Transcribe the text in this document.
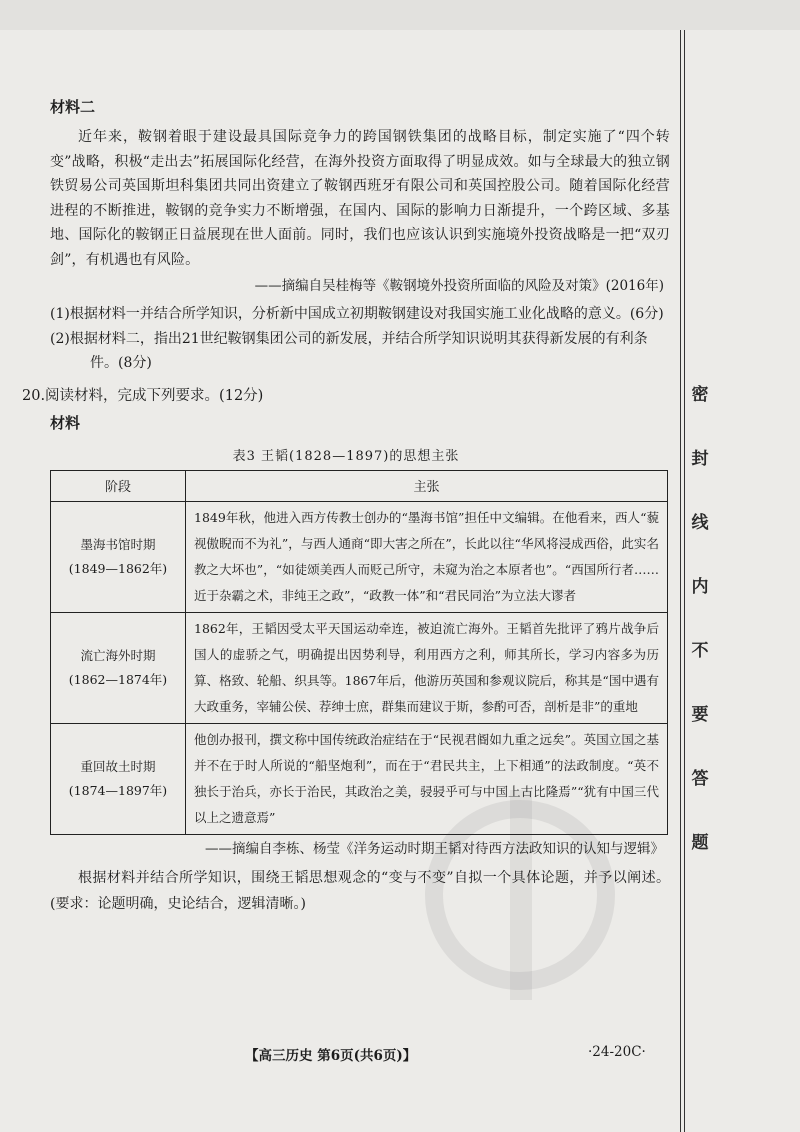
密
封
线
内
不
要
答
题
材料二

近年来，鞍钢着眼于建设最具国际竞争力的跨国钢铁集团的战略目标，制定实施了“四个转变”战略，积极“走出去”拓展国际化经营，在海外投资方面取得了明显成效。如与全球最大的独立钢铁贸易公司英国斯坦科集团共同出资建立了鞍钢西班牙有限公司和英国控股公司。随着国际化经营进程的不断推进，鞍钢的竞争实力不断增强，在国内、国际的影响力日渐提升，一个跨区域、多基地、国际化的鞍钢正日益展现在世人面前。同时，我们也应该认识到实施境外投资战略是一把“双刃剑”，有机遇也有风险。

——摘编自吴桂梅等《鞍钢境外投资所面临的风险及对策》(2016年)

(1)根据材料一并结合所学知识，分析新中国成立初期鞍钢建设对我国实施工业化战略的意义。(6分)

(2)根据材料二，指出21世纪鞍钢集团公司的新发展，并结合所学知识说明其获得新发展的有利条件。(8分)

20.阅读材料，完成下列要求。(12分)
材料
表3 王韬(1828—1897)的思想主张
阶段	主张

墨海书馆时期
(1849—1862年)	1849年秋，他进入西方传教士创办的“墨海书馆”担任中文编辑。在他看来，西人“藐视傲睨而不为礼”，与西人通商“即大害之所在”，长此以往“华风将浸成西俗，此实名教之大坏也”，“如徒颂美西人而贬己所守，未窥为治之本原者也”。“西国所行者……近于杂霸之术，非纯王之政”，“政教一体”和“君民同治”为立法大谬者

流亡海外时期
(1862—1874年)	1862年，王韬因受太平天国运动牵连，被迫流亡海外。王韬首先批评了鸦片战争后国人的虚骄之气，明确提出因势利导，利用西方之利，师其所长，学习内容多为历算、格致、轮船、织具等。1867年后，他游历英国和参观议院后，称其是“国中遇有大政重务，宰辅公侯、荐绅士庶，群集而建议于斯，参酌可否，剖析是非”的重地

重回故土时期
(1874—1897年)	他创办报刊，撰文称中国传统政治症结在于“民视君阍如九重之远矣”。英国立国之基并不在于时人所说的“船坚炮利”，而在于“君民共主，上下相通”的法政制度。“英不独长于治兵，亦长于治民，其政治之美，骎骎乎可与中国上古比隆焉”“犹有中国三代以上之遗意焉”
——摘编自李栋、杨莹《洋务运动时期王韬对待西方法政知识的认知与逻辑》

根据材料并结合所学知识，围绕王韬思想观念的“变与不变”自拟一个具体论题，并予以阐述。(要求：论题明确，史论结合，逻辑清晰。)

【高三历史 第6页(共6页)】	·24-20C·
